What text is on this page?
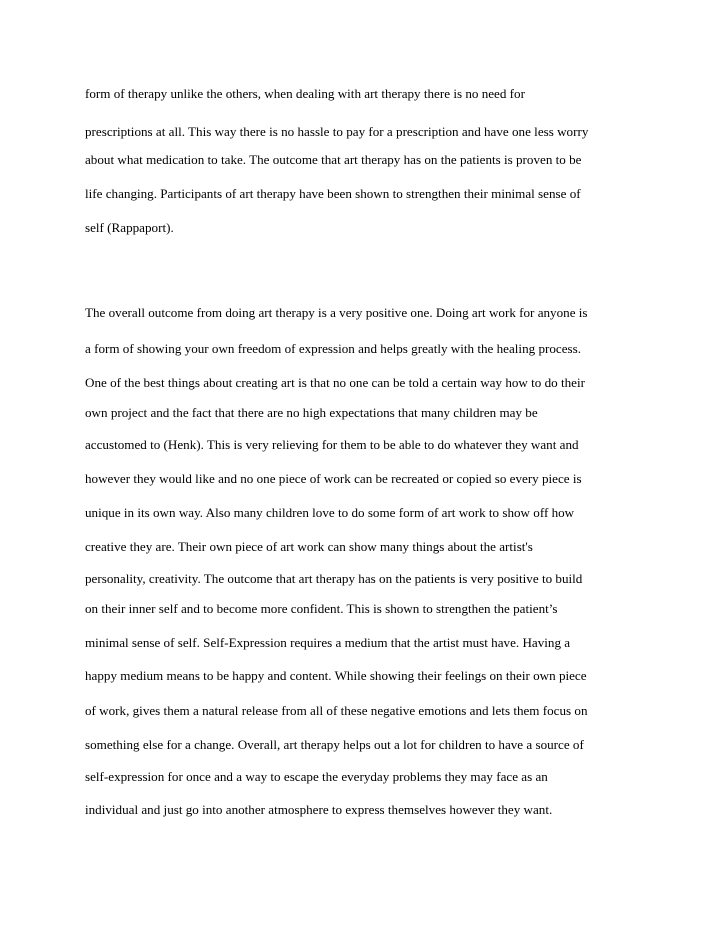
form of therapy unlike the others, when dealing with art therapy there is no need for

prescriptions at all. This way there is no hassle to pay for a prescription and have one less worry

about what medication to take. The outcome that art therapy has on the patients is proven to be

life changing. Participants of art therapy have been shown to strengthen their minimal sense of

self (Rappaport).

The overall outcome from doing art therapy is a very positive one. Doing art work for anyone is

a form of showing your own freedom of expression and helps greatly with the healing process.

One of the best things about creating art is that no one can be told a certain way how to do their

own project and the fact that there are no high expectations that many children may be

accustomed to (Henk). This is very relieving for them to be able to do whatever they want and

however they would like and no one piece of work can be recreated or copied so every piece is

unique in its own way. Also many children love to do some form of art work to show off how

creative they are. Their own piece of art work can show many things about the artist's

personality, creativity. The outcome that art therapy has on the patients is very positive to build

on their inner self and to become more confident. This is shown to strengthen the patient’s

minimal sense of self. Self-Expression requires a medium that the artist must have. Having a

happy medium means to be happy and content. While showing their feelings on their own piece

of work, gives them a natural release from all of these negative emotions and lets them focus on

something else for a change. Overall, art therapy helps out a lot for children to have a source of

self-expression for once and a way to escape the everyday problems they may face as an

individual and just go into another atmosphere to express themselves however they want.
